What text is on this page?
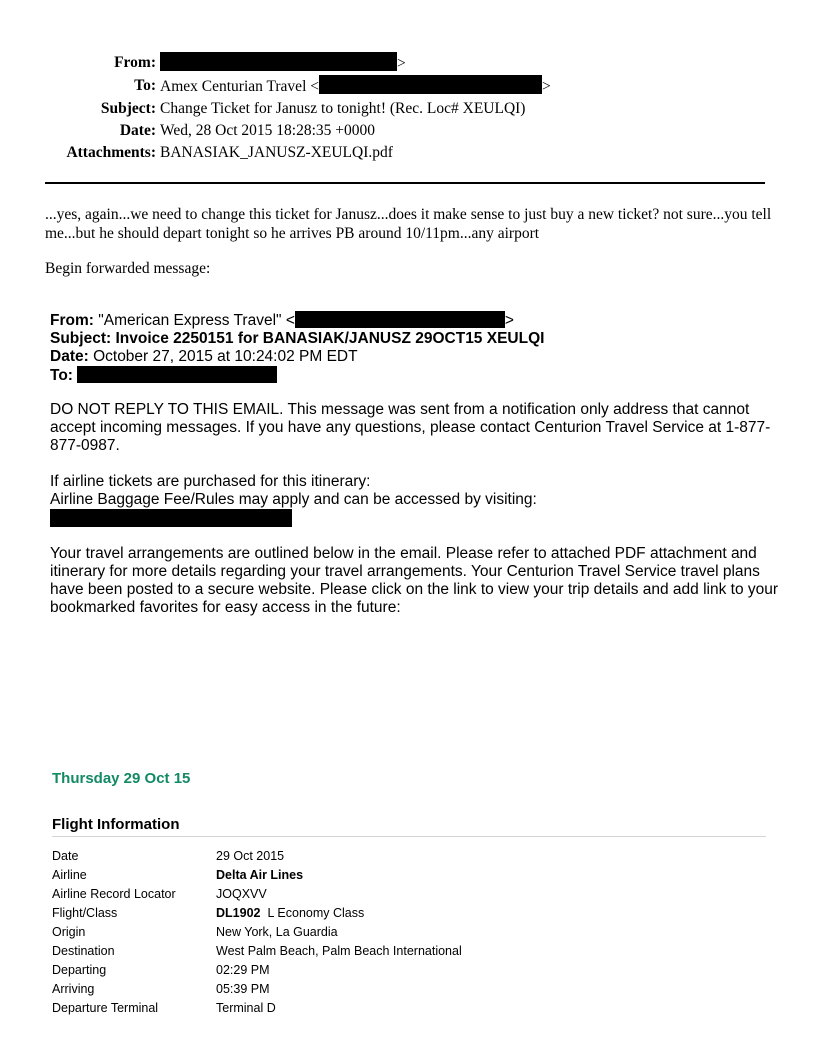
From:	>
To: Amex Centurian Travel <	>
Subject: Change Ticket for Janusz to tonight! (Rec. Loc# XEULQI)
Date: Wed, 28 Oct 2015 18:28:35 +0000
Attachments: BANASIAK_JANUSZ-XEULQI.pdf
...yes, again...we need to change this ticket for Janusz...does it make sense to just buy a new ticket? not sure...you tell me...but he should depart tonight so he arrives PB around 10/11pm...any airport
Begin forwarded message:
From: "American Express Travel" <	>
Subject: Invoice 2250151 for BANASIAK/JANUSZ 29OCT15 XEULQI
Date: October 27, 2015 at 10:24:02 PM EDT
To:
DO NOT REPLY TO THIS EMAIL. This message was sent from a notification only address that cannot accept incoming messages. If you have any questions, please contact Centurion Travel Service at 1-877-877-0987.
If airline tickets are purchased for this itinerary:
Airline Baggage Fee/Rules may apply and can be accessed by visiting:
Your travel arrangements are outlined below in the email. Please refer to attached PDF attachment and itinerary for more details regarding your travel arrangements. Your Centurion Travel Service travel plans have been posted to a secure website. Please click on the link to view your trip details and add link to your bookmarked favorites for easy access in the future:
Thursday 29 Oct 15
Flight Information
Date	29 Oct 2015
Airline	Delta Air Lines
Airline Record Locator	JOQXVV
Flight/Class	DL1902 L Economy Class
Origin	New York, La Guardia
Destination	West Palm Beach, Palm Beach International
Departing	02:29 PM
Arriving	05:39 PM
Departure Terminal	Terminal D
